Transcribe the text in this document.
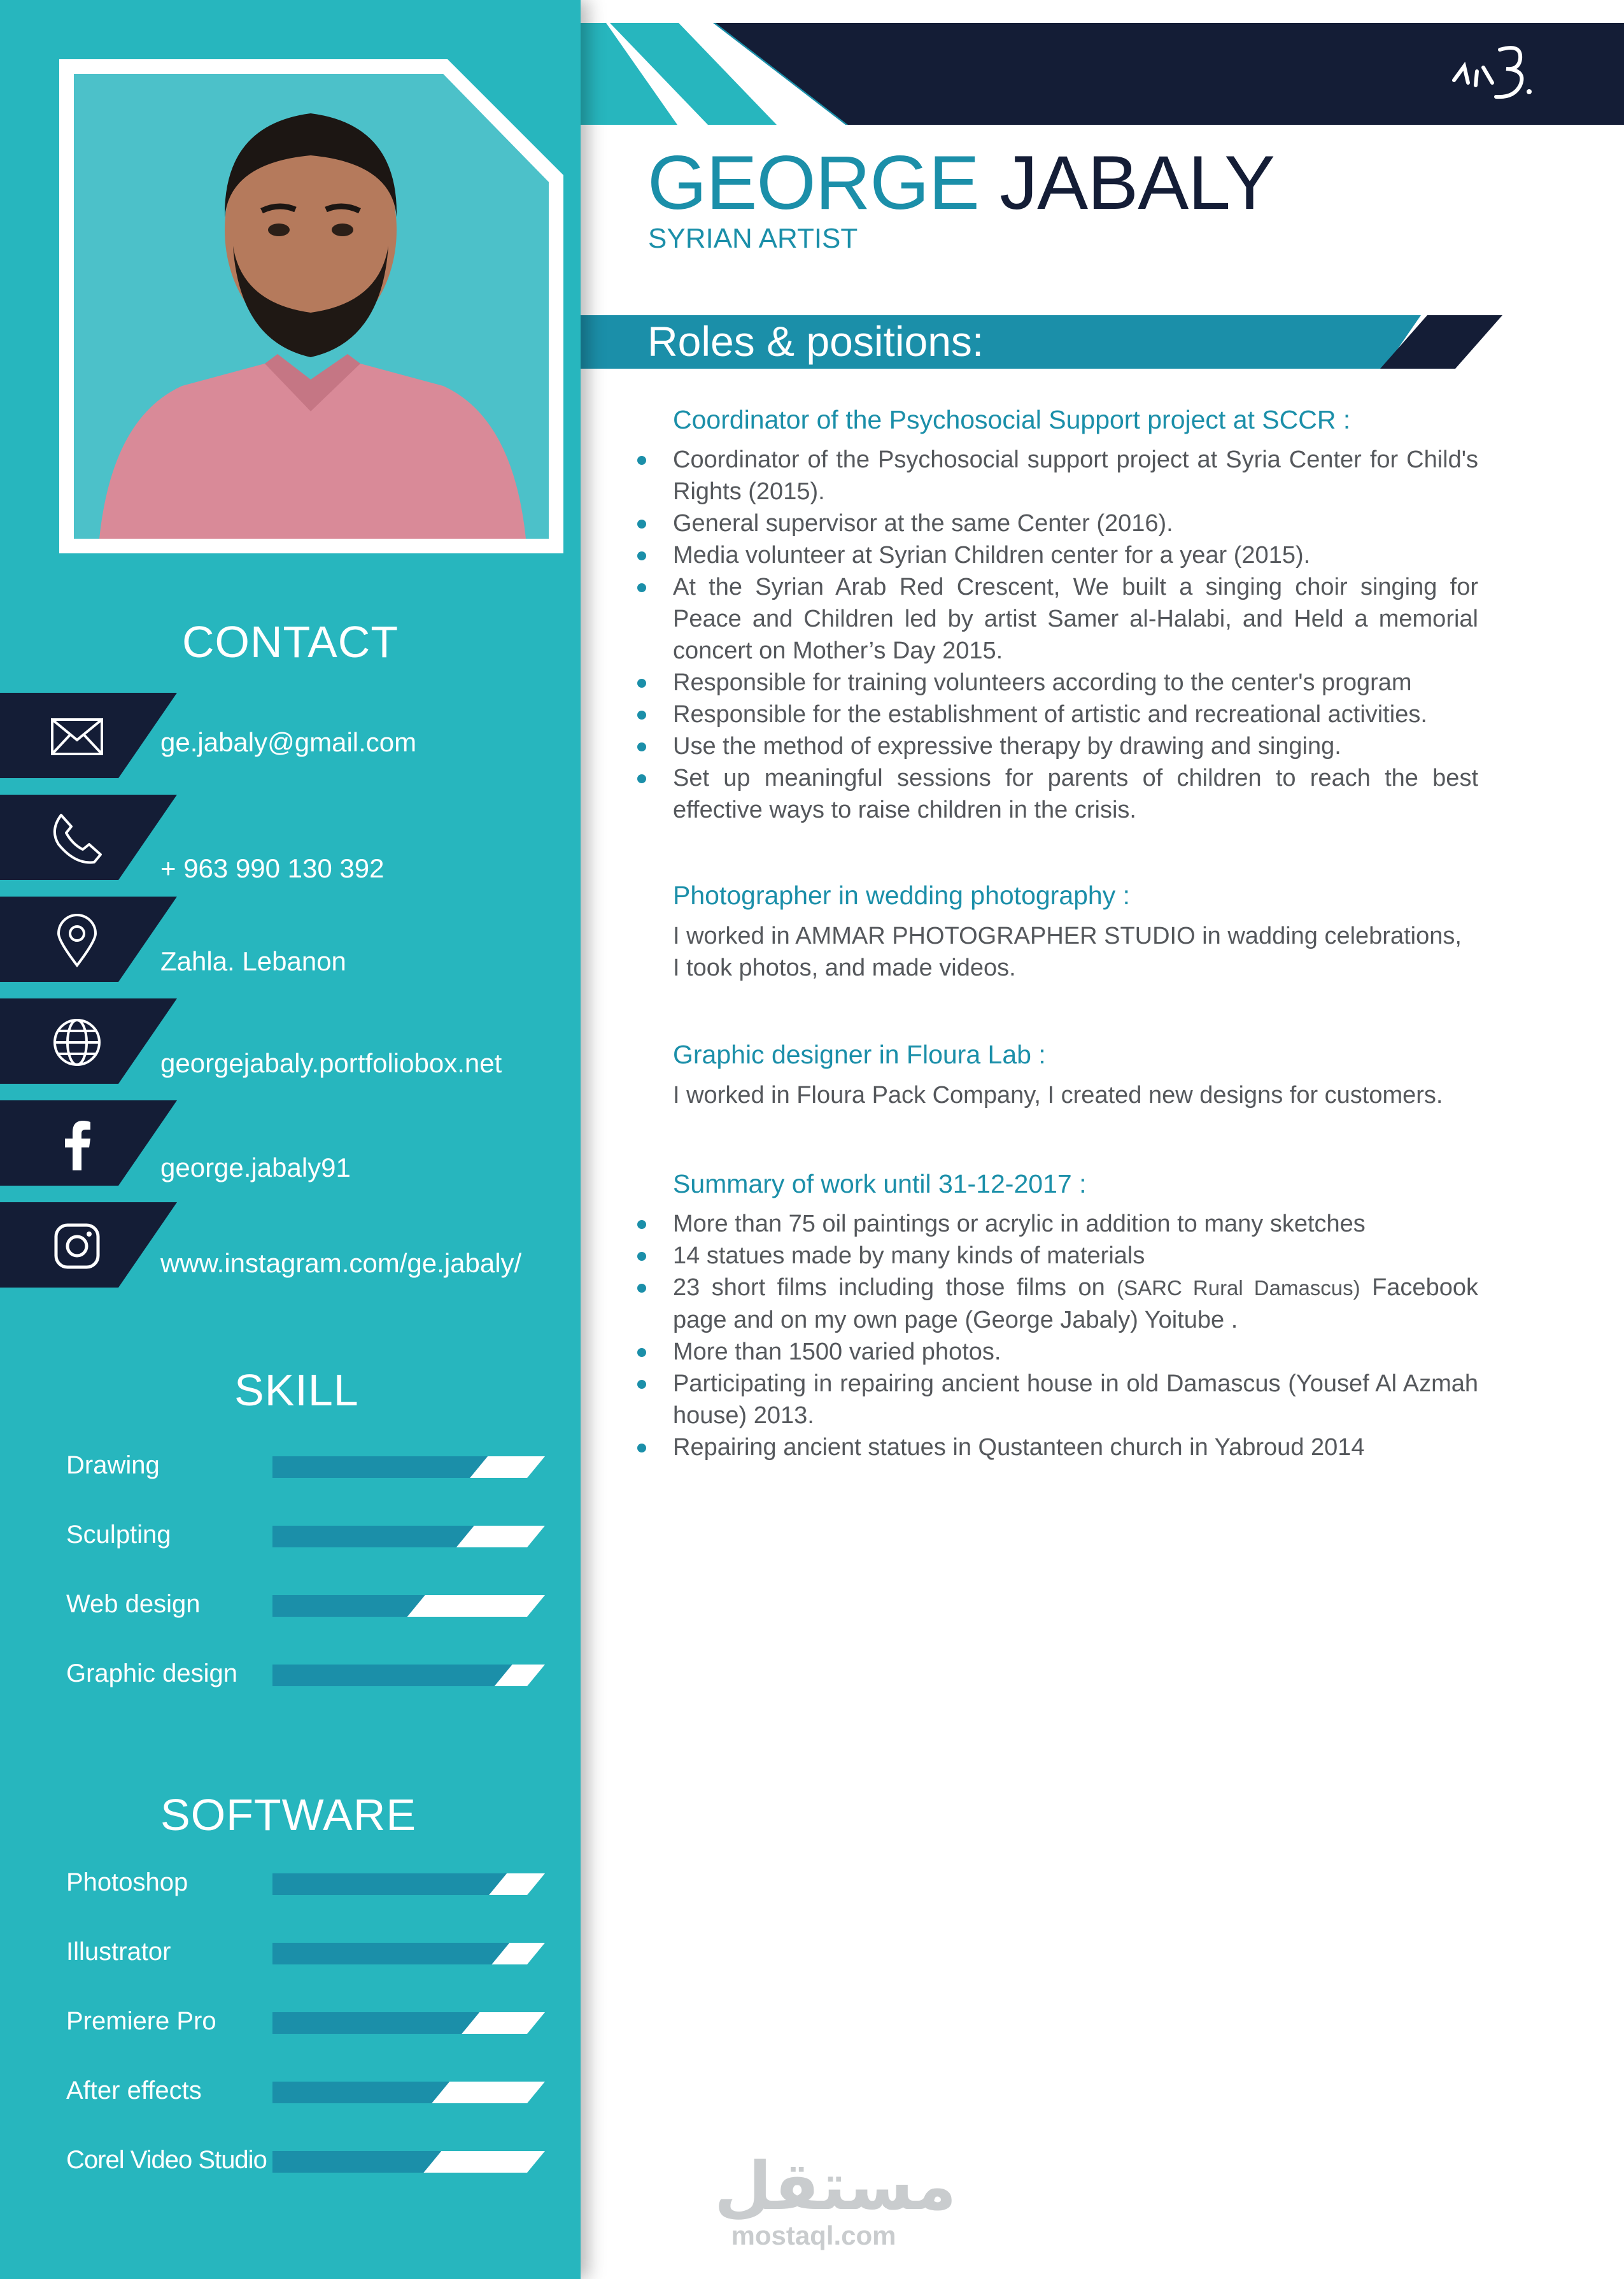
GEORGE JABALY
SYRIAN ARTIST
Roles & positions:
Coordinator of the Psychosocial Support project at SCCR :
Coordinator of the Psychosocial support project at Syria Center for Child's Rights (2015).
General supervisor at the same Center (2016).
Media volunteer at Syrian Children center for a year (2015).
At the Syrian Arab Red Crescent, We built a singing choir singing for Peace and Children led by artist Samer al-Halabi, and Held a memorial concert on Mother’s Day 2015.
Responsible for training volunteers according to the center's program
Responsible for the establishment of artistic and recreational activities.
Use the method of expressive therapy by drawing and singing.
Set up meaningful sessions for parents of children to reach the best effective ways to raise children in the crisis.
Photographer in wedding photography :
I worked in AMMAR PHOTOGRAPHER STUDIO in wadding celebrations, I took photos, and made videos.
Graphic designer in Floura Lab :
I worked in Floura Pack Company, I created new designs for customers.
Summary of work until 31-12-2017 :
More than 75 oil paintings or acrylic in addition to many sketches
14 statues made by many kinds of materials
23 short films including those films on (SARC Rural Damascus) Facebook page and on my own page (George Jabaly) Yoitube .
More than 1500 varied photos.
Participating in repairing ancient house in old Damascus (Yousef Al Azmah house) 2013.
Repairing ancient statues in Qustanteen church in Yabroud 2014
مستقل
mostaql.com
CONTACT
ge.jabaly@gmail.com
+ 963 990 130 392
Zahla. Lebanon
georgejabaly.portfoliobox.net
george.jabaly91
www.instagram.com/ge.jabaly/
SKILL
Drawing
Sculpting
Web design
Graphic design
SOFTWARE
Photoshop
Illustrator
Premiere Pro
After effects
Corel Video Studio
